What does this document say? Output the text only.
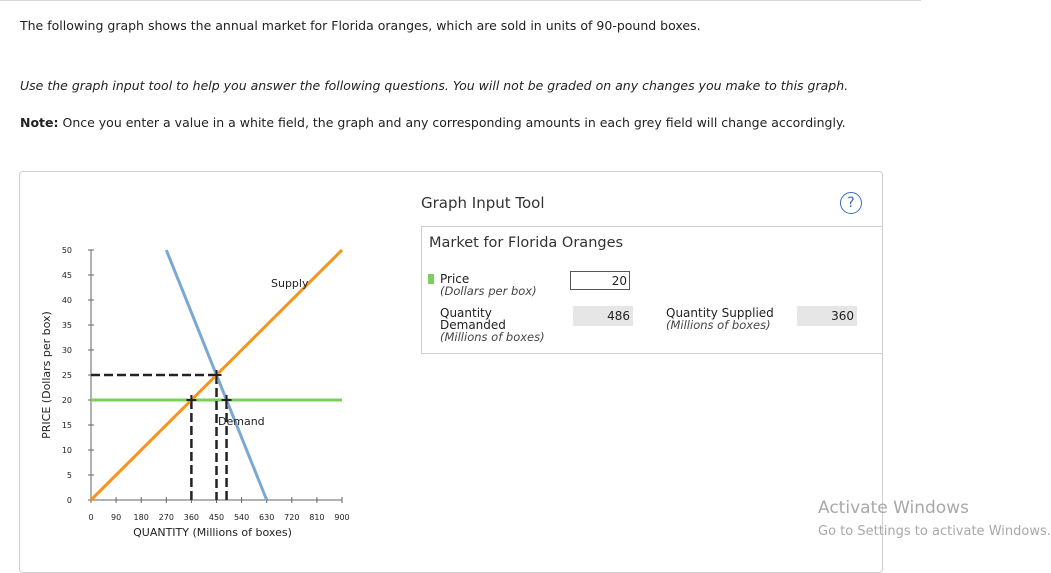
The following graph shows the annual market for Florida oranges, which are sold in units of 90-pound boxes.
Use the graph input tool to help you answer the following questions. You will not be graded on any changes you make to this graph.
Note: Once you enter a value in a white field, the graph and any corresponding amounts in each grey field will change accordingly.
0 90 180 270 360 450 540 630 720 810 900
0
5
10
15
20
25
30
35
40
45
50
QUANTITY (Millions of boxes)
PRICE (Dollars per box)
Supply
Demand
Graph Input Tool	?
Market for Florida Oranges
Price
(Dollars per box)
20
Quantity
Demanded
(Millions of boxes)
486	Quantity Supplied
(Millions of boxes)
360
Activate Windows
Go to Settings to activate Windows.
